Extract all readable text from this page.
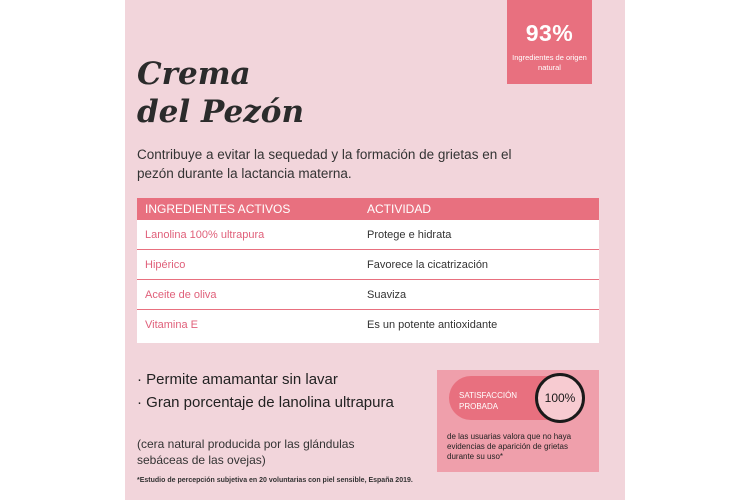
93%
Ingredientes de origen natural
Crema
del Pezón
Contribuye a evitar la sequedad y la formación de grietas en el pezón durante la lactancia materna.
INGREDIENTES ACTIVOS	ACTIVIDAD
Lanolina 100% ultrapura	Protege e hidrata
Hipérico	Favorece la cicatrización
Aceite de oliva	Suaviza
Vitamina E	Es un potente antioxidante
· Permite amamantar sin lavar
· Gran porcentaje de lanolina ultrapura
(cera natural producida por las glándulas sebáceas de las ovejas)
SATISFACCIÓN
PROBADA
100%
de las usuarias valora que no haya evidencias de aparición de grietas durante su uso*
*Estudio de percepción subjetiva en 20 voluntarias con piel sensible, España 2019.
